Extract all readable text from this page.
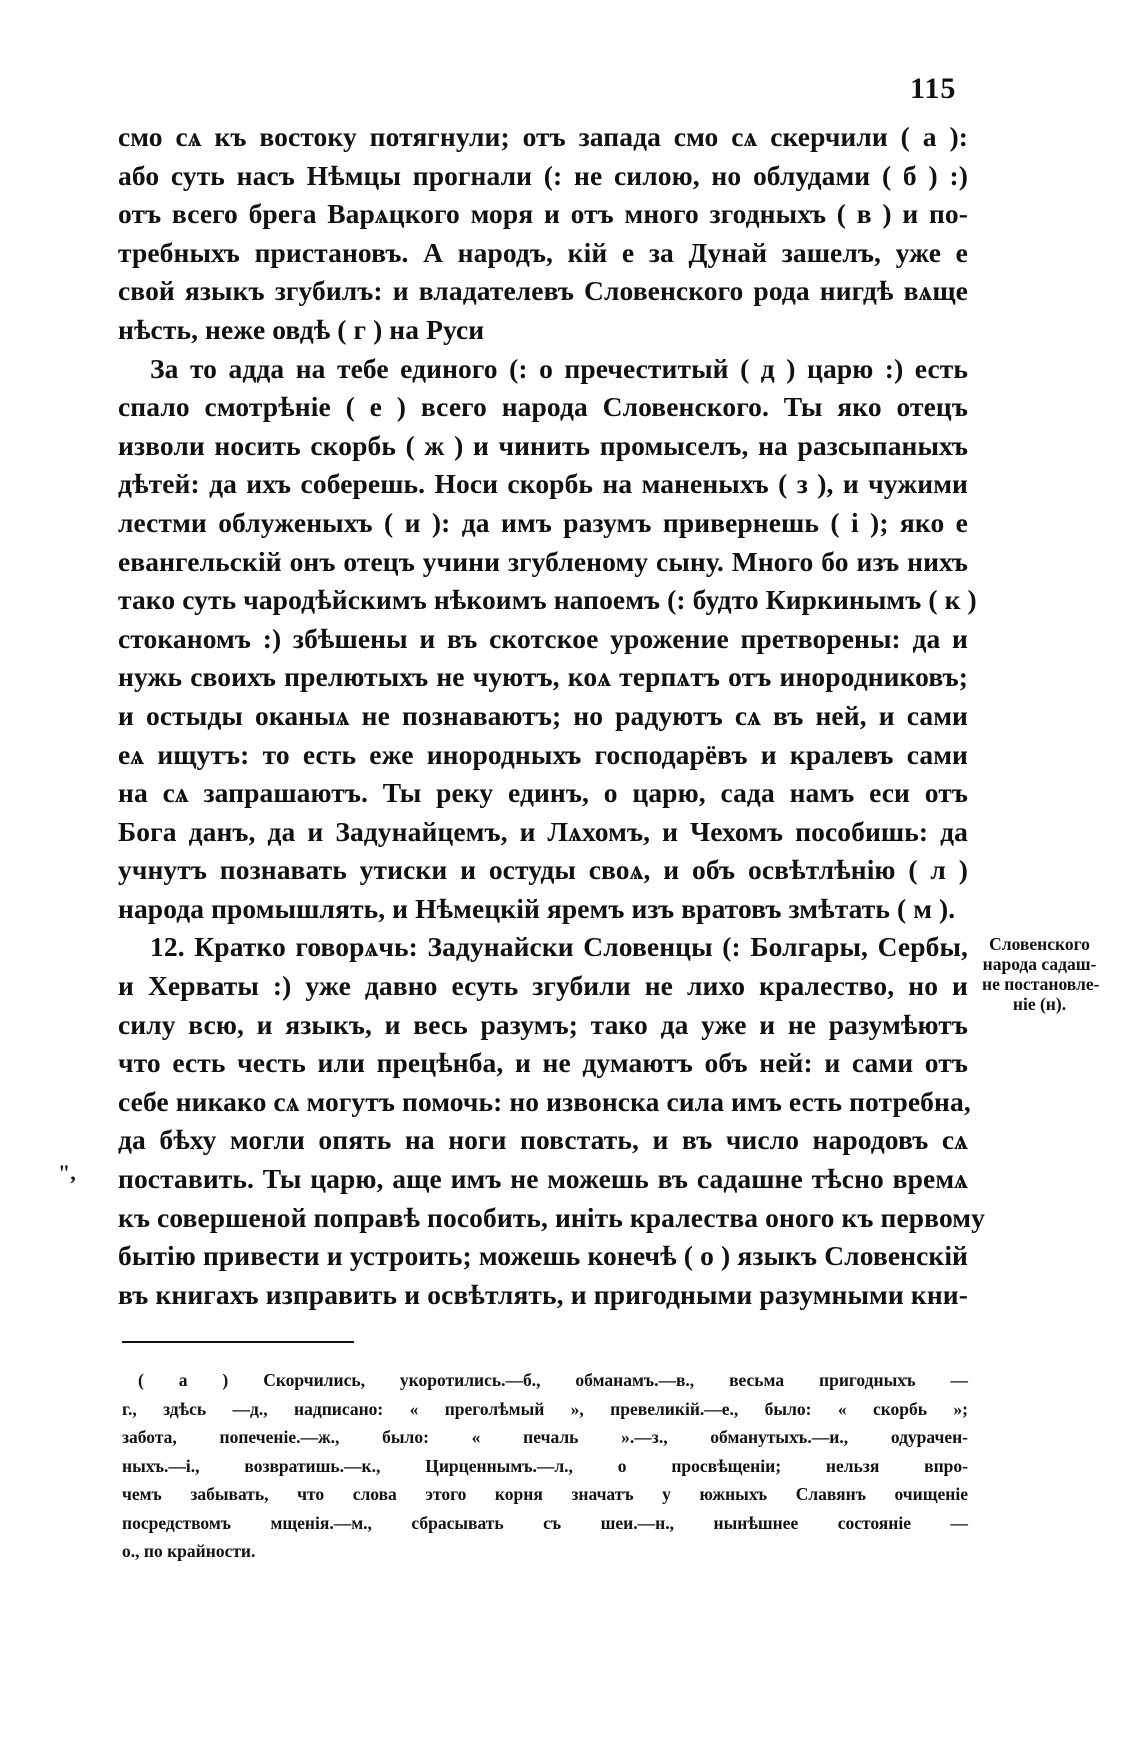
115
смо сѧ къ востоку потягнули; отъ запада смо сѧ скерчили ( а ):
або суть насъ Нѣмцы прогнали (: не силою, но облудами ( б ) :)
отъ всего брега Варѧцкого моря и отъ много згодныхъ ( в ) и по-
требныхъ пристановъ. А народъ, кій е за Дунай зашелъ, уже е
свой языкъ згубилъ: и владателевъ Словенского рода нигдѣ вѧще
нѣсть, неже овдѣ ( г ) на Руси
За то адда на тебе единого (: о пречеститый ( д ) царю :) есть
спало смотрѣніе ( е ) всего народа Словенского. Ты яко отецъ
изволи носить скорбь ( ж ) и чинить промыселъ, на разсыпаныхъ
дѣтей: да ихъ соберешь. Носи скорбь на маненыхъ ( з ), и чужими
лестми облуженыхъ ( и ): да имъ разумъ привернешь ( і ); яко е
евангельскій онъ отецъ учини згубленому сыну. Много бо изъ нихъ
тако суть чародѣйскимъ нѣкоимъ напоемъ (: будто Киркинымъ ( к )
стоканомъ :) збѣшены и въ скотское урожение претворены: да и
нужь своихъ прелютыхъ не чуютъ, коѧ терпѧтъ отъ инородниковъ;
и остыды оканыѧ не познаваютъ; но радуютъ сѧ въ ней, и сами
еѧ ищутъ: то есть еже инородныхъ господарёвъ и кралевъ сами
на сѧ запрашаютъ. Ты реку единъ, о царю, сада намъ еси отъ
Бога данъ, да и Задунайцемъ, и Лѧхомъ, и Чехомъ пособишь: да
учнутъ познавать утиски и остуды своѧ, и объ освѣтлѣнію ( л )
народа промышлять, и Нѣмецкій яремъ изъ вратовъ змѣтать ( м ).
12. Кратко говорѧчь: Задунайски Словенцы (: Болгары, Сербы,
и Херваты :) уже давно есуть згубили не лихо кралество, но и
силу всю, и языкъ, и весь разумъ; тако да уже и не разумѣютъ
что есть честь или прецѣнба, и не думаютъ объ ней: и сами отъ
себе никако сѧ могутъ помочь: но извонска сила имъ есть потребна,
да бѣху могли опять на ноги повстать, и въ число народовъ сѧ
поставить. Ты царю, аще имъ не можешь въ садашне тѣсно времѧ
къ совершеной поправѣ пособить, иніть кралества оного къ первому
бытію привести и устроить; можешь конечѣ ( о ) языкъ Словенскій
въ книгахъ изправить и освѣтлять, и пригодными разумными кни-
Словенского
народа садаш-
не постановле-
ніе (н).
",
( а ) Скорчились, укоротились.—б., обманамъ.—в., весьма пригодныхъ —
г., здѣсь —д., надписано: « преголѣмый », превеликій.—е., было: « скорбь »;
забота, попеченіе.—ж., было: « печаль ».—з., обманутыхъ.—и., одурачен-
ныхъ.—і., возвратишь.—к., Цирценнымъ.—л., о просвѣщеніи; нельзя впро-
чемъ забывать, что слова этого корня значатъ у южныхъ Славянъ очищеніе
посредствомъ мщенія.—м., сбрасывать съ шеи.—н., нынѣшнее состояніе —
о., по крайности.
